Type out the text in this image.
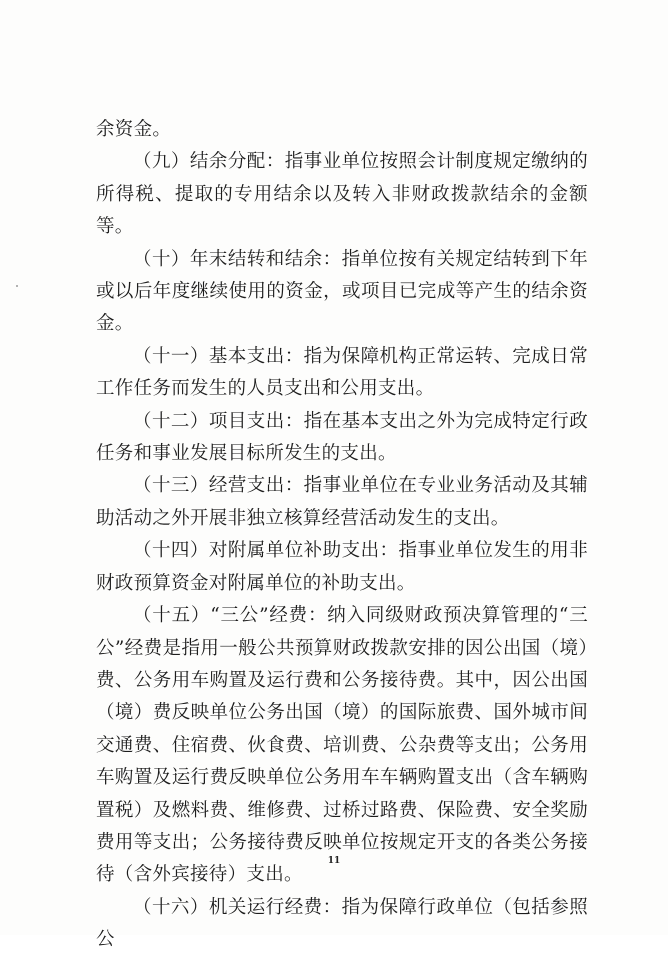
余资金。

（九）结余分配：指事业单位按照会计制度规定缴纳的所得税、提取的专用结余以及转入非财政拨款结余的金额等。

（十）年末结转和结余：指单位按有关规定结转到下年或以后年度继续使用的资金，或项目已完成等产生的结余资金。

（十一）基本支出：指为保障机构正常运转、完成日常工作任务而发生的人员支出和公用支出。

（十二）项目支出：指在基本支出之外为完成特定行政任务和事业发展目标所发生的支出。

（十三）经营支出：指事业单位在专业业务活动及其辅助活动之外开展非独立核算经营活动发生的支出。

（十四）对附属单位补助支出：指事业单位发生的用非财政预算资金对附属单位的补助支出。

（十五）“三公”经费：纳入同级财政预决算管理的“三公”经费是指用一般公共预算财政拨款安排的因公出国（境）费、公务用车购置及运行费和公务接待费。其中，因公出国（境）费反映单位公务出国（境）的国际旅费、国外城市间交通费、住宿费、伙食费、培训费、公杂费等支出；公务用车购置及运行费反映单位公务用车车辆购置支出（含车辆购置税）及燃料费、维修费、过桥过路费、保险费、安全奖励费用等支出；公务接待费反映单位按规定开支的各类公务接待（含外宾接待）支出。

（十六）机关运行经费：指为保障行政单位（包括参照公

11
